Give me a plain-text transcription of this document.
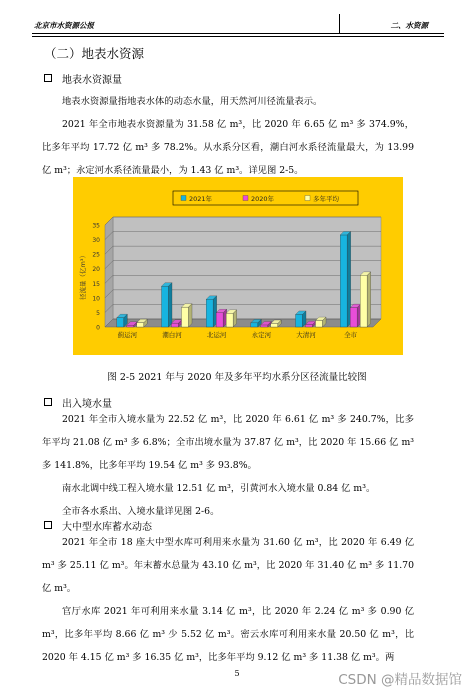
北京市水资源公报	二、水资源
（二）地表水资源
地表水资源量

地表水资源量指地表水体的动态水量，用天然河川径流量表示。

2021 年全市地表水资源量为 31.58 亿 m³，比 2020 年 6.65 亿 m³ 多 374.9%，比多年平均 17.72 亿 m³ 多 78.2%。从水系分区看，潮白河水系径流量最大，为 13.99 亿 m³；永定河水系径流量最小，为 1.43 亿 m³。详见图 2-5。

0
5
10
15
20
25
30
35
径流量（亿m³）
蓟运河	潮白河	北运河	永定河	大清河	全市
2021年	2020年	多年平均
图 2-5 2021 年与 2020 年及多年平均水系分区径流量比较图
出入境水量

2021 年全市入境水量为 22.52 亿 m³，比 2020 年 6.61 亿 m³ 多 240.7%，比多年平均 21.08 亿 m³ 多 6.8%；全市出境水量为 37.87 亿 m³，比 2020 年 15.66 亿 m³ 多 141.8%，比多年平均 19.54 亿 m³ 多 93.8%。

南水北调中线工程入境水量 12.51 亿 m³，引黄河水入境水量 0.84 亿 m³。

全市各水系出、入境水量详见图 2-6。

大中型水库蓄水动态

2021 年全市 18 座大中型水库可利用来水量为 31.60 亿 m³，比 2020 年 6.49 亿 m³ 多 25.11 亿 m³。年末蓄水总量为 43.10 亿 m³，比 2020 年 31.40 亿 m³ 多 11.70 亿 m³。

官厅水库 2021 年可利用来水量 3.14 亿 m³，比 2020 年 2.24 亿 m³ 多 0.90 亿 m³，比多年平均 8.66 亿 m³ 少 5.52 亿 m³。密云水库可利用来水量 20.50 亿 m³，比 2020 年 4.15 亿 m³ 多 16.35 亿 m³，比多年平均 9.12 亿 m³ 多 11.38 亿 m³。两

5	CSDN @精品数据馆
